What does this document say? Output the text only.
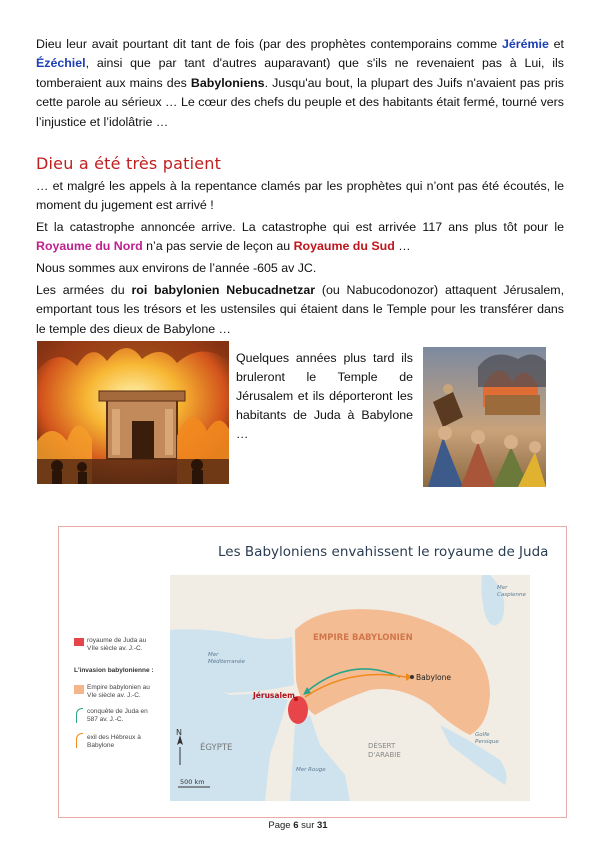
Dieu leur avait pourtant dit tant de fois (par des prophètes contemporains comme Jérémie et Ézéchiel, ainsi que par tant d'autres auparavant) que s'ils ne revenaient pas à Lui, ils tomberaient aux mains des Babyloniens. Jusqu'au bout, la plupart des Juifs n'avaient pas pris cette parole au sérieux … Le cœur des chefs du peuple et des habitants était fermé, tourné vers l’injustice et l’idolâtrie …

Dieu a été très patient

… et malgré les appels à la repentance clamés par les prophètes qui n’ont pas été écoutés, le moment du jugement est arrivé !

Et la catastrophe annoncée arrive. La catastrophe qui est arrivée 117 ans plus tôt pour le Royaume du Nord n’a pas servie de leçon au Royaume du Sud …

Nous sommes aux environs de l’année -605 av JC.

Les armées du roi babylonien Nebucadnetzar (ou Nabucodonozor) attaquent Jérusalem, emportant tous les trésors et les ustensiles qui étaient dans le Temple pour les transférer dans le temple des dieux de Babylone …

Quelques années plus tard ils bruleront le Temple de Jérusalem et ils déporteront les habitants de Juda à Babylone …

Les Babyloniens envahissent le royaume de Juda
EMPIRE BABYLONIEN
Jérusalem
Babylone
ÉGYPTE	DÉSERT D'ARABIE
Mer Méditerranée
Mer Rouge
Mer Caspienne
Golfe Persique
N
500 km
royaume de Juda au VIIe siècle av. J.-C.
L'invasion babylonienne :
Empire babylonien au VIe siècle av. J.-C.
conquête de Juda en 587 av. J.-C.
exil des Hébreux à Babylone
Page 6 sur 31
